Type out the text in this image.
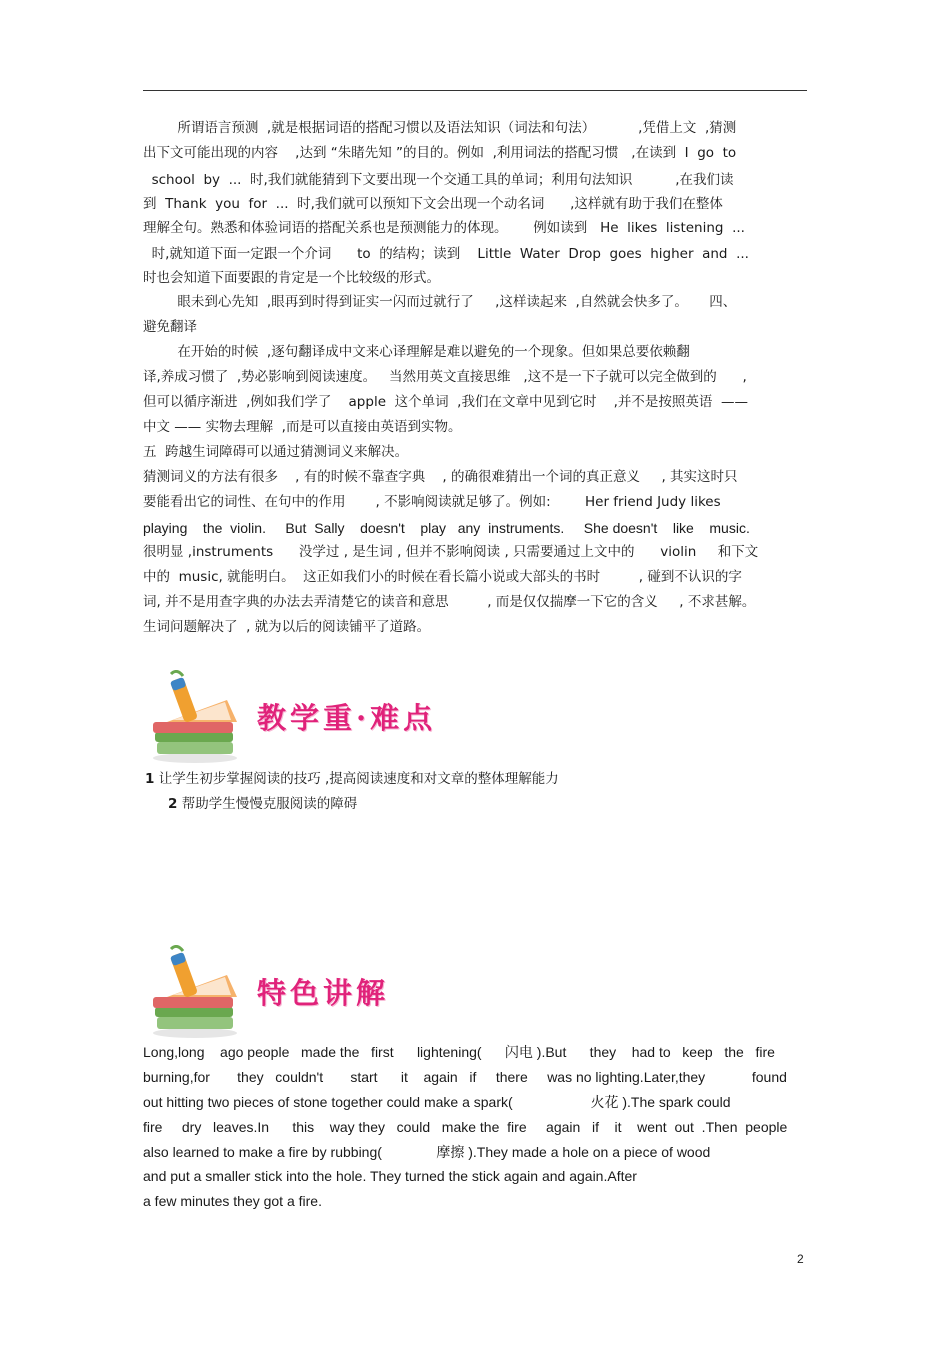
所谓语言预测  ,就是根据词语的搭配习惯以及语法知识（词法和句法）          ,凭借上文  ,猜测
出下文可能出现的内容    ,达到 “朱睹先知 ”的目的。例如  ,利用词法的搭配习惯   ,在读到  I  go  to
school  by  ...  时,我们就能猜到下文要出现一个交通工具的单词；利用句法知识          ,在我们读
到  Thank  you  for  ...  时,我们就可以预知下文会出现一个动名词      ,这样就有助于我们在整体
理解全句。熟悉和体验词语的搭配关系也是预测能力的体现。      例如读到   He  likes  listening  ...
时,就知道下面一定跟一个介词      to  的结构；读到    Little  Water  Drop  goes  higher  and  ...
时也会知道下面要跟的肯定是一个比较级的形式。
眼未到心先知  ,眼再到时得到证实一闪而过就行了     ,这样读起来  ,自然就会快多了。     四、
避免翻译
在开始的时候  ,逐句翻译成中文来心译理解是难以避免的一个现象。但如果总要依赖翻
译,养成习惯了  ,势必影响到阅读速度。   当然用英文直接思维   ,这不是一下子就可以完全做到的      ,
但可以循序渐进  ,例如我们学了    apple  这个单词  ,我们在文章中见到它时    ,并不是按照英语  ——
中文 —— 实物去理解  ,而是可以直接由英语到实物。
五  跨越生词障碍可以通过猜测词义来解决。
猜测词义的方法有很多    , 有的时候不靠查字典    , 的确很难猜出一个词的真正意义     , 其实这时只
要能看出它的词性、在句中的作用       , 不影响阅读就足够了。例如:        Her friend Judy likes
playing    the  violin.     But  Sally    doesn't    play   any  instruments.     She doesn't    like    music.
很明显 ,instruments      没学过 , 是生词 , 但并不影响阅读 , 只需要通过上文中的      violin     和下文
中的  music, 就能明白。  这正如我们小的时候在看长篇小说或大部头的书时         , 碰到不认识的字
词, 并不是用查字典的办法去弄清楚它的读音和意思         , 而是仅仅揣摩一下它的含义     , 不求甚解。
生词问题解决了  , 就为以后的阅读铺平了道路。
教学重·难点
1 让学生初步掌握阅读的技巧 ,提高阅读速度和对文章的整体理解能力
2 帮助学生慢慢克服阅读的障碍
特色讲解
Long,long    ago people   made the   first      lightening(      闪电 ).But      they    had to   keep   the   fire
burning,for       they   couldn't       start      it    again   if     there     was no lighting.Later,they            found
out hitting two pieces of stone together could make a spark(                    火花 ).The spark could
fire     dry   leaves.In      this    way they   could   make the  fire     again   if    it    went  out  .Then  people
also learned to make a fire by rubbing(              摩擦 ).They made a hole on a piece of wood
and put a smaller stick into the hole. They turned the stick again and again.After
a few minutes they got a fire.
2
